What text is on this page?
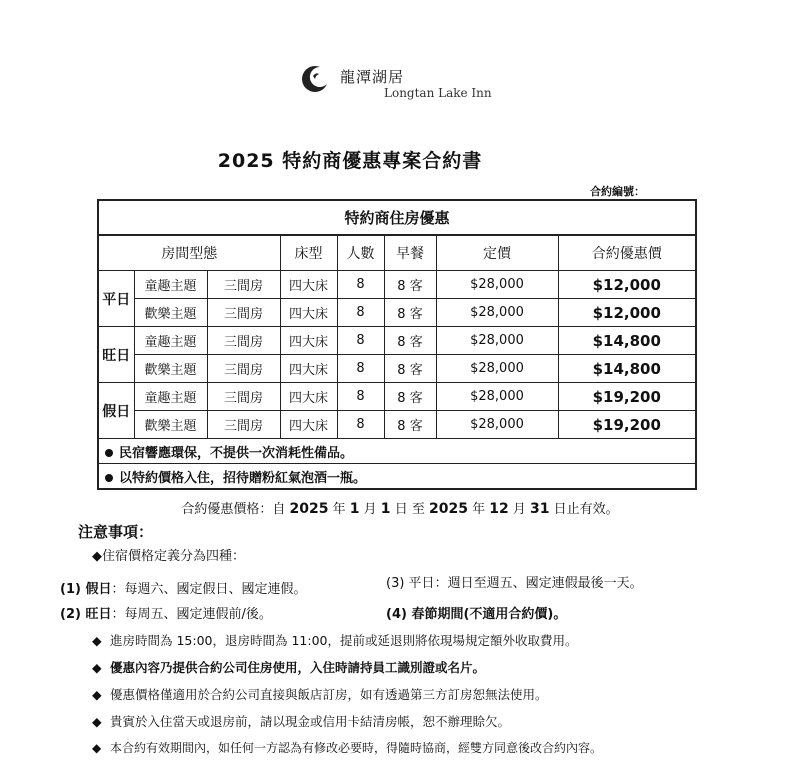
龍潭湖居
Longtan Lake Inn
2025 特約商優惠專案合約書
合約編號：
特約商住房優惠							
房間型態			床型	人數	早餐	定價	合約優惠價
平日	童趣主題	三間房	四大床	8	8 客	$28,000	$12,000
	歡樂主題	三間房	四大床	8	8 客	$28,000	$12,000
旺日	童趣主題	三間房	四大床	8	8 客	$28,000	$14,800
	歡樂主題	三間房	四大床	8	8 客	$28,000	$14,800
假日	童趣主題	三間房	四大床	8	8 客	$28,000	$19,200
	歡樂主題	三間房	四大床	8	8 客	$28,000	$19,200
民宿響應環保，不提供一次消耗性備品。							
以特約價格入住，招待贈粉紅氣泡酒一瓶。							
合約優惠價格：自 2025 年 1 月 1 日 至 2025 年 12 月 31 日止有效。
注意事項：
◆住宿價格定義分為四種：
(1) 假日：每週六、國定假日、國定連假。
(2) 旺日：每周五、國定連假前/後。
(3) 平日：週日至週五、國定連假最後一天。
(4) 春節期間(不適用合約價)。
◆ 進房時間為 15:00，退房時間為 11:00，提前或延退則將依現場規定額外收取費用。
◆ 優惠內容乃提供合約公司住房使用，入住時請持員工識別證或名片。
◆ 優惠價格僅適用於合約公司直接與飯店訂房，如有透過第三方訂房恕無法使用。
◆ 貴賓於入住當天或退房前，請以現金或信用卡結清房帳，恕不辦理賒欠。
◆ 本合約有效期間內，如任何一方認為有修改必要時，得隨時協商，經雙方同意後改合約內容。
